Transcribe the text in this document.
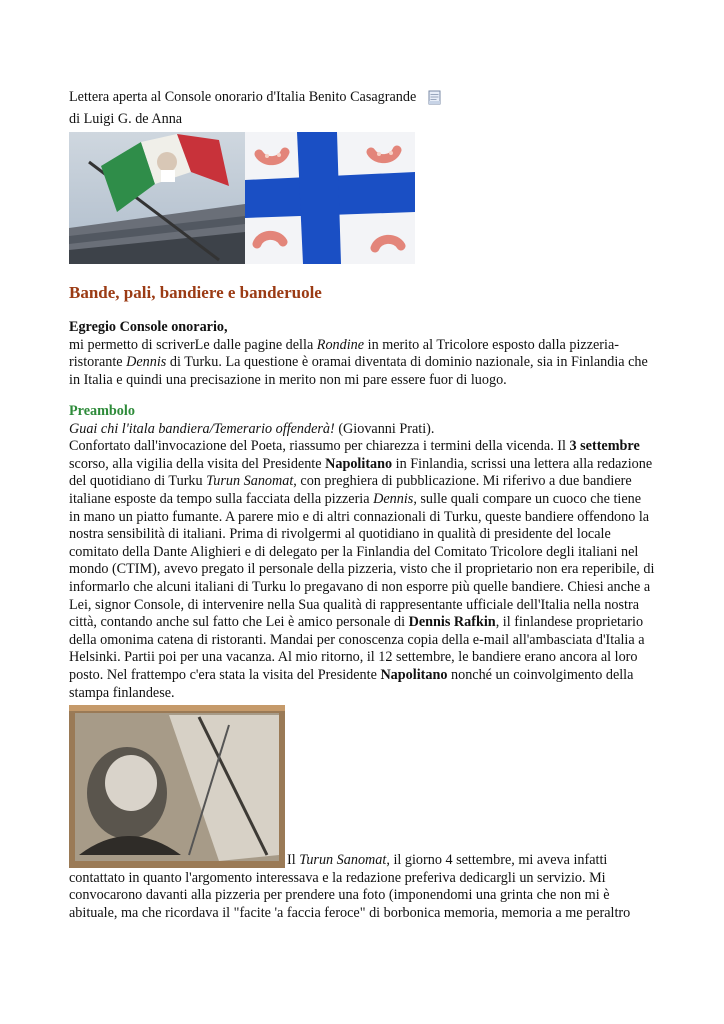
Lettera aperta al Console onorario d'Italia Benito Casagrande
di Luigi G. de Anna
Bande, pali, bandiere e banderuole

Egregio Console onorario,

mi permetto di scriverLe dalle pagine della Rondine in merito al Tricolore esposto dalla pizzeria-ristorante Dennis di Turku. La questione è oramai diventata di dominio nazionale, sia in Finlandia che in Italia e quindi una precisazione in merito non mi pare essere fuor di luogo.

Preambolo

Guai chi l'itala bandiera/Temerario offenderà! (Giovanni Prati).

Confortato dall'invocazione del Poeta, riassumo per chiarezza i termini della vicenda. Il 3 settembre scorso, alla vigilia della visita del Presidente Napolitano in Finlandia, scrissi una lettera alla redazione del quotidiano di Turku Turun Sanomat, con preghiera di pubblicazione. Mi riferivo a due bandiere italiane esposte da tempo sulla facciata della pizzeria Dennis, sulle quali compare un cuoco che tiene in mano un piatto fumante. A parere mio e di altri connazionali di Turku, queste bandiere offendono la nostra sensibilità di italiani. Prima di rivolgermi al quotidiano in qualità di presidente del locale comitato della Dante Alighieri e di delegato per la Finlandia del Comitato Tricolore degli italiani nel mondo (CTIM), avevo pregato il personale della pizzeria, visto che il proprietario non era reperibile, di informarlo che alcuni italiani di Turku lo pregavano di non esporre più quelle bandiere. Chiesi anche a Lei, signor Console, di intervenire nella Sua qualità di rappresentante ufficiale dell'Italia nella nostra città, contando anche sul fatto che Lei è amico personale di Dennis Rafkin, il finlandese proprietario della omonima catena di ristoranti. Mandai per conoscenza copia della e-mail all'ambasciata d'Italia a Helsinki. Partii poi per una vacanza. Al mio ritorno, il 12 settembre, le bandiere erano ancora al loro posto. Nel frattempo c'era stata la visita del Presidente Napolitano nonché un coinvolgimento della stampa finlandese.

Il Turun Sanomat, il giorno 4 settembre, mi aveva infatti contattato in quanto l'argomento interessava e la redazione preferiva dedicargli un servizio. Mi convocarono davanti alla pizzeria per prendere una foto (imponendomi una grinta che non mi è abituale, ma che ricordava il "facite 'a faccia feroce" di borbonica memoria, memoria a me peraltro
